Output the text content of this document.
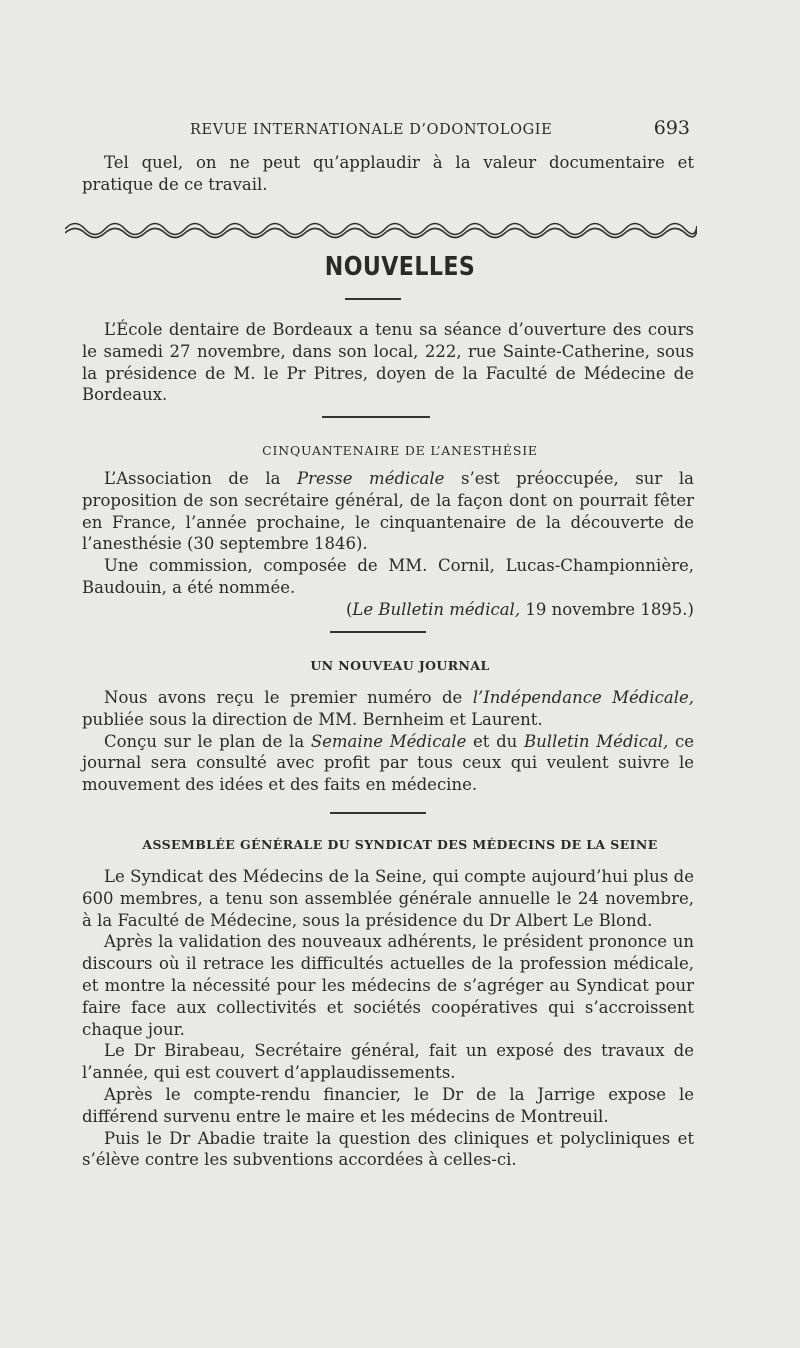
REVUE INTERNATIONALE D’ODONTOLOGIE	693

Tel quel, on ne peut qu’applaudir à la valeur documentaire et pratique de ce travail.

NOUVELLES

L’École dentaire de Bordeaux a tenu sa séance d’ouverture des cours le samedi 27 novembre, dans son local, 222, rue Sainte-Catherine, sous la présidence de M. le Pr Pitres, doyen de la Faculté de Médecine de Bordeaux.

CINQUANTENAIRE DE L’ANESTHÉSIE

L’Association de la Presse médicale s’est préoccupée, sur la proposition de son secrétaire général, de la façon dont on pourrait fêter en France, l’année prochaine, le cinquantenaire de la découverte de l’anesthésie (30 septembre 1846).

Une commission, composée de MM. Cornil, Lucas-Championnière, Baudouin, a été nommée.

(Le Bulletin médical, 19 novembre 1895.)

UN NOUVEAU JOURNAL

Nous avons reçu le premier numéro de l’Indépendance Médicale, publiée sous la direction de MM. Bernheim et Laurent.

Conçu sur le plan de la Semaine Médicale et du Bulletin Médical, ce journal sera consulté avec profit par tous ceux qui veulent suivre le mouvement des idées et des faits en médecine.

ASSEMBLÉE GÉNÉRALE DU SYNDICAT DES MÉDECINS DE LA SEINE

Le Syndicat des Médecins de la Seine, qui compte aujourd’hui plus de 600 membres, a tenu son assemblée générale annuelle le 24 novembre, à la Faculté de Médecine, sous la présidence du Dr Albert Le Blond.

Après la validation des nouveaux adhérents, le président prononce un discours où il retrace les difficultés actuelles de la profession médicale, et montre la nécessité pour les médecins de s’agréger au Syndicat pour faire face aux collectivités et sociétés coopératives qui s’accroissent chaque jour.

Le Dr Birabeau, Secrétaire général, fait un exposé des travaux de l’année, qui est couvert d’applaudissements.

Après le compte-rendu financier, le Dr de la Jarrige expose le différend survenu entre le maire et les médecins de Montreuil.

Puis le Dr Abadie traite la question des cliniques et polycliniques et s’élève contre les subventions accordées à celles-ci.
